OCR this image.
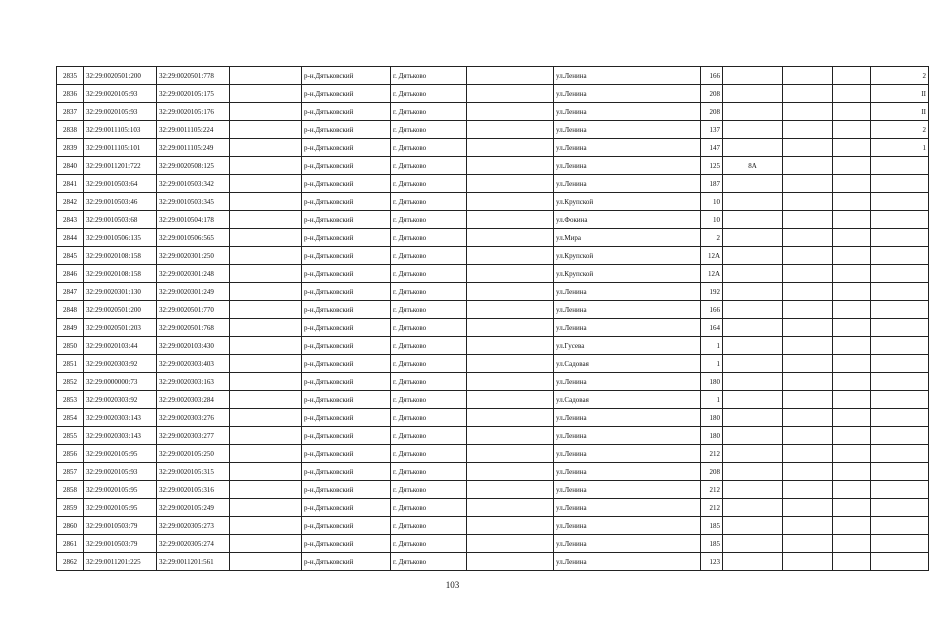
2835	32:29:0020501:200	32:29:0020501:778		р-н.Дятьковский	г. Дятьково		ул.Ленина	166				2
2836	32:29:0020105:93	32:29:0020105:175		р-н.Дятьковский	г. Дятьково		ул.Ленина	208				II
2837	32:29:0020105:93	32:29:0020105:176		р-н.Дятьковский	г. Дятьково		ул.Ленина	208				II
2838	32:29:0011105:103	32:29:0011105:224		р-н.Дятьковский	г. Дятьково		ул.Ленина	137				2
2839	32:29:0011105:101	32:29:0011105:249		р-н.Дятьковский	г. Дятьково		ул.Ленина	147				1
2840	32:29:0011201:722	32:29:0020508:125		р-н.Дятьковский	г. Дятьково		ул.Ленина	125	8А			
2841	32:29:0010503:64	32:29:0010503:342		р-н.Дятьковский	г. Дятьково		ул.Ленина	187				
2842	32:29:0010503:46	32:29:0010503:345		р-н.Дятьковский	г. Дятьково		ул.Крупской	10				
2843	32:29:0010503:68	32:29:0010504:178		р-н.Дятьковский	г. Дятьково		ул.Фокина	10				
2844	32:29:0010506:135	32:29:0010506:565		р-н.Дятьковский	г. Дятьково		ул.Мира	2				
2845	32:29:0020108:158	32:29:0020301:250		р-н.Дятьковский	г. Дятьково		ул.Крупской	12А				
2846	32:29:0020108:158	32:29:0020301:248		р-н.Дятьковский	г. Дятьково		ул.Крупской	12А				
2847	32:29:0020301:130	32:29:0020301:249		р-н.Дятьковский	г. Дятьково		ул.Ленина	192				
2848	32:29:0020501:200	32:29:0020501:770		р-н.Дятьковский	г. Дятьково		ул.Ленина	166				
2849	32:29:0020501:203	32:29:0020501:768		р-н.Дятьковский	г. Дятьково		ул.Ленина	164				
2850	32:29:0020103:44	32:29:0020103:430		р-н.Дятьковский	г. Дятьково		ул.Гусева	1				
2851	32:29:0020303:92	32:29:0020303:403		р-н.Дятьковский	г. Дятьково		ул.Садовая	1				
2852	32:29:0000000:73	32:29:0020303:163		р-н.Дятьковский	г. Дятьково		ул.Ленина	180				
2853	32:29:0020303:92	32:29:0020303:284		р-н.Дятьковский	г. Дятьково		ул.Садовая	1				
2854	32:29:0020303:143	32:29:0020303:276		р-н.Дятьковский	г. Дятьково		ул.Ленина	180				
2855	32:29:0020303:143	32:29:0020303:277		р-н.Дятьковский	г. Дятьково		ул.Ленина	180				
2856	32:29:0020105:95	32:29:0020105:250		р-н.Дятьковский	г. Дятьково		ул.Ленина	212				
2857	32:29:0020105:93	32:29:0020105:315		р-н.Дятьковский	г. Дятьково		ул.Ленина	208				
2858	32:29:0020105:95	32:29:0020105:316		р-н.Дятьковский	г. Дятьково		ул.Ленина	212				
2859	32:29:0020105:95	32:29:0020105:249		р-н.Дятьковский	г. Дятьково		ул.Ленина	212				
2860	32:29:0010503:79	32:29:0020305:273		р-н.Дятьковский	г. Дятьково		ул.Ленина	185				
2861	32:29:0010503:79	32:29:0020305:274		р-н.Дятьковский	г. Дятьково		ул.Ленина	185				
2862	32:29:0011201:225	32:29:0011201:561		р-н.Дятьковский	г. Дятьково		ул.Ленина	123				
103
